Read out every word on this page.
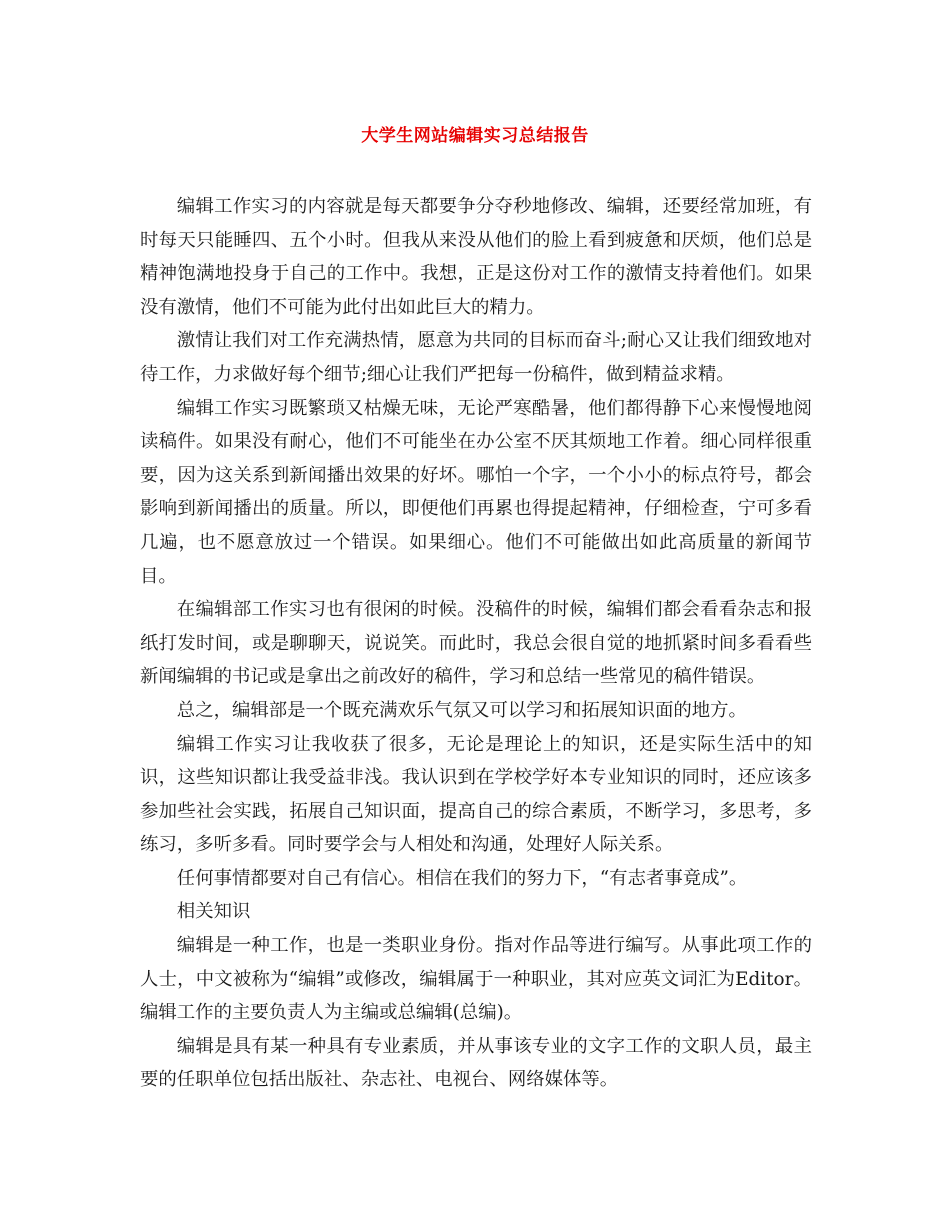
大学生网站编辑实习总结报告

编辑工作实习的内容就是每天都要争分夺秒地修改、编辑，还要经常加班，有时每天只能睡四、五个小时。但我从来没从他们的脸上看到疲惫和厌烦，他们总是精神饱满地投身于自己的工作中。我想，正是这份对工作的激情支持着他们。如果没有激情，他们不可能为此付出如此巨大的精力。

激情让我们对工作充满热情，愿意为共同的目标而奋斗;耐心又让我们细致地对待工作，力求做好每个细节;细心让我们严把每一份稿件，做到精益求精。

编辑工作实习既繁琐又枯燥无味，无论严寒酷暑，他们都得静下心来慢慢地阅读稿件。如果没有耐心，他们不可能坐在办公室不厌其烦地工作着。细心同样很重要，因为这关系到新闻播出效果的好坏。哪怕一个字，一个小小的标点符号，都会影响到新闻播出的质量。所以，即便他们再累也得提起精神，仔细检查，宁可多看几遍，也不愿意放过一个错误。如果细心。他们不可能做出如此高质量的新闻节目。

在编辑部工作实习也有很闲的时候。没稿件的时候，编辑们都会看看杂志和报纸打发时间，或是聊聊天，说说笑。而此时，我总会很自觉的地抓紧时间多看看些新闻编辑的书记或是拿出之前改好的稿件，学习和总结一些常见的稿件错误。

总之，编辑部是一个既充满欢乐气氛又可以学习和拓展知识面的地方。

编辑工作实习让我收获了很多，无论是理论上的知识，还是实际生活中的知识，这些知识都让我受益非浅。我认识到在学校学好本专业知识的同时，还应该多参加些社会实践，拓展自己知识面，提高自己的综合素质，不断学习，多思考，多练习，多听多看。同时要学会与人相处和沟通，处理好人际关系。

任何事情都要对自己有信心。相信在我们的努力下，“有志者事竟成”。

相关知识

编辑是一种工作，也是一类职业身份。指对作品等进行编写。从事此项工作的人士，中文被称为“编辑”或修改，编辑属于一种职业，其对应英文词汇为Editor。编辑工作的主要负责人为主编或总编辑(总编)。

编辑是具有某一种具有专业素质，并从事该专业的文字工作的文职人员，最主要的任职单位包括出版社、杂志社、电视台、网络媒体等。
